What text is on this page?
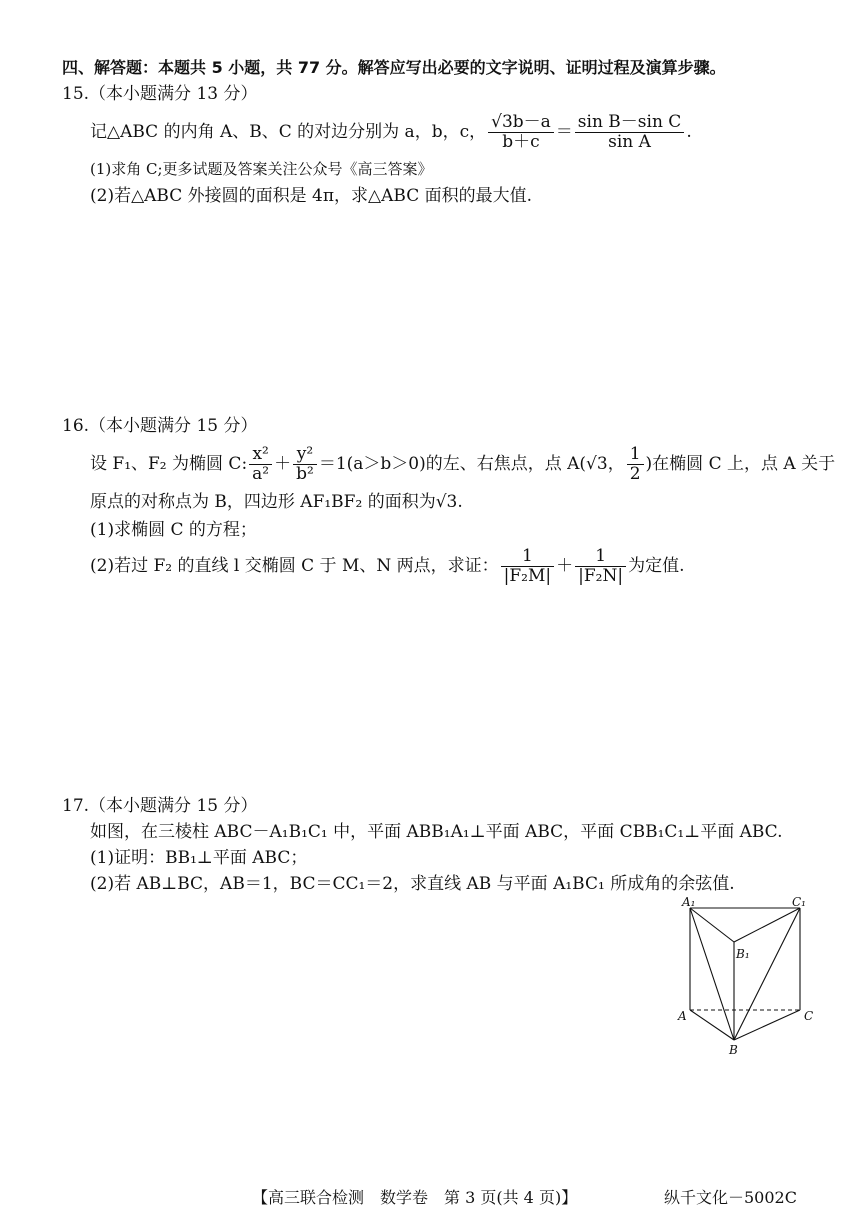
四、解答题：本题共 5 小题，共 77 分。解答应写出必要的文字说明、证明过程及演算步骤。
15.（本小题满分 13 分）
记△ABC 的内角 A、B、C 的对边分别为 a，b，c， $\frac{√3b-a}{b+c} = \frac{\text{sin B－sin C}}{\text{sin A}}$ .
(1)求角 C;更多试题及答案关注公众号《高三答案》
(2)若△ABC 外接圆的面积是 4π，求△ABC 面积的最大值.
16.（本小题满分 15 分）
设 F₁、F₂ 为椭圆 C: $\frac{\text{x²}}{\text{a²}} + \frac{\text{y²}}{\text{b²}} =1(a>b>0)$的左、右焦点，点 A(√3， $\frac{1}{2}$ )在椭圆 C 上，点 A 关于
原点的对称点为 B，四边形 AF₁BF₂ 的面积为√3.
(1)求椭圆 C 的方程；
(2)若过 F₂ 的直线 l 交椭圆 C 于 M、N 两点，求证： $\frac{1}{\text{|F₂M|}} + \frac{1}{\text{|F₂N|}}$ 为定值.
17.（本小题满分 15 分）
如图，在三棱柱 ABC－A₁B₁C₁ 中，平面 ABB₁A₁⊥平面 ABC，平面 CBB₁C₁⊥平面 ABC.
(1)证明：BB₁⊥平面 ABC；
(2)若 AB⊥BC，AB＝1，BC＝CC₁＝2，求直线 AB 与平面 A₁BC₁ 所成角的余弦值.
A₁	C₁
B₁
A	C
B
【高三联合检测　数学卷　第 3 页(共 4 页)】	纵千文化－5002C
